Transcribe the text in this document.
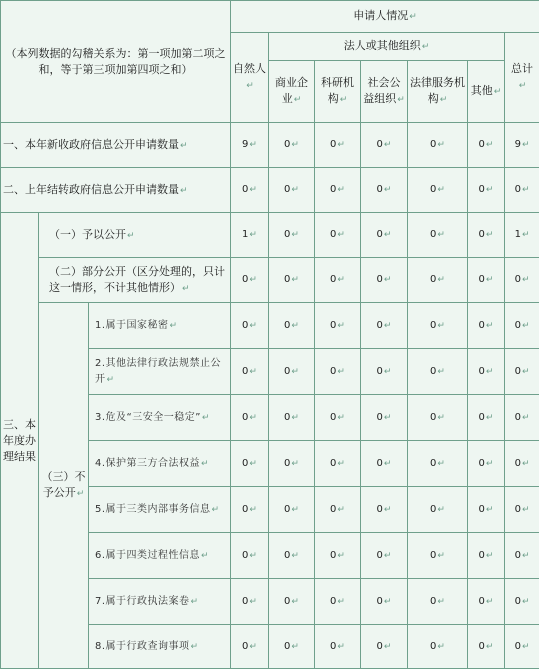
（本列数据的勾稽关系为：第一项加第二项之和，等于第三项加第四项之和）			申请人情况↵						
			自然人↵	法人或其他组织↵					总计↵
				商业企业↵	科研机构↵	社会公益组织↵	法律服务机构↵	其他↵	
一、本年新收政府信息公开申请数量↵			9↵	0↵	0↵	0↵	0↵	0↵	9↵
二、上年结转政府信息公开申请数量↵			0↵	0↵	0↵	0↵	0↵	0↵	0↵
三、本年度办理结果	（一）予以公开↵		1↵	0↵	0↵	0↵	0↵	0↵	1↵
	（二）部分公开（区分处理的，只计这一情形，不计其他情形）↵		0↵	0↵	0↵	0↵	0↵	0↵	0↵
	（三）不予公开↵	1.属于国家秘密↵	0↵	0↵	0↵	0↵	0↵	0↵	0↵
		2.其他法律行政法规禁止公开↵	0↵	0↵	0↵	0↵	0↵	0↵	0↵
		3.危及“三安全一稳定”↵	0↵	0↵	0↵	0↵	0↵	0↵	0↵
		4.保护第三方合法权益↵	0↵	0↵	0↵	0↵	0↵	0↵	0↵
		5.属于三类内部事务信息↵	0↵	0↵	0↵	0↵	0↵	0↵	0↵
		6.属于四类过程性信息↵	0↵	0↵	0↵	0↵	0↵	0↵	0↵
		7.属于行政执法案卷↵	0↵	0↵	0↵	0↵	0↵	0↵	0↵
		8.属于行政查询事项↵	0↵	0↵	0↵	0↵	0↵	0↵	0↵
